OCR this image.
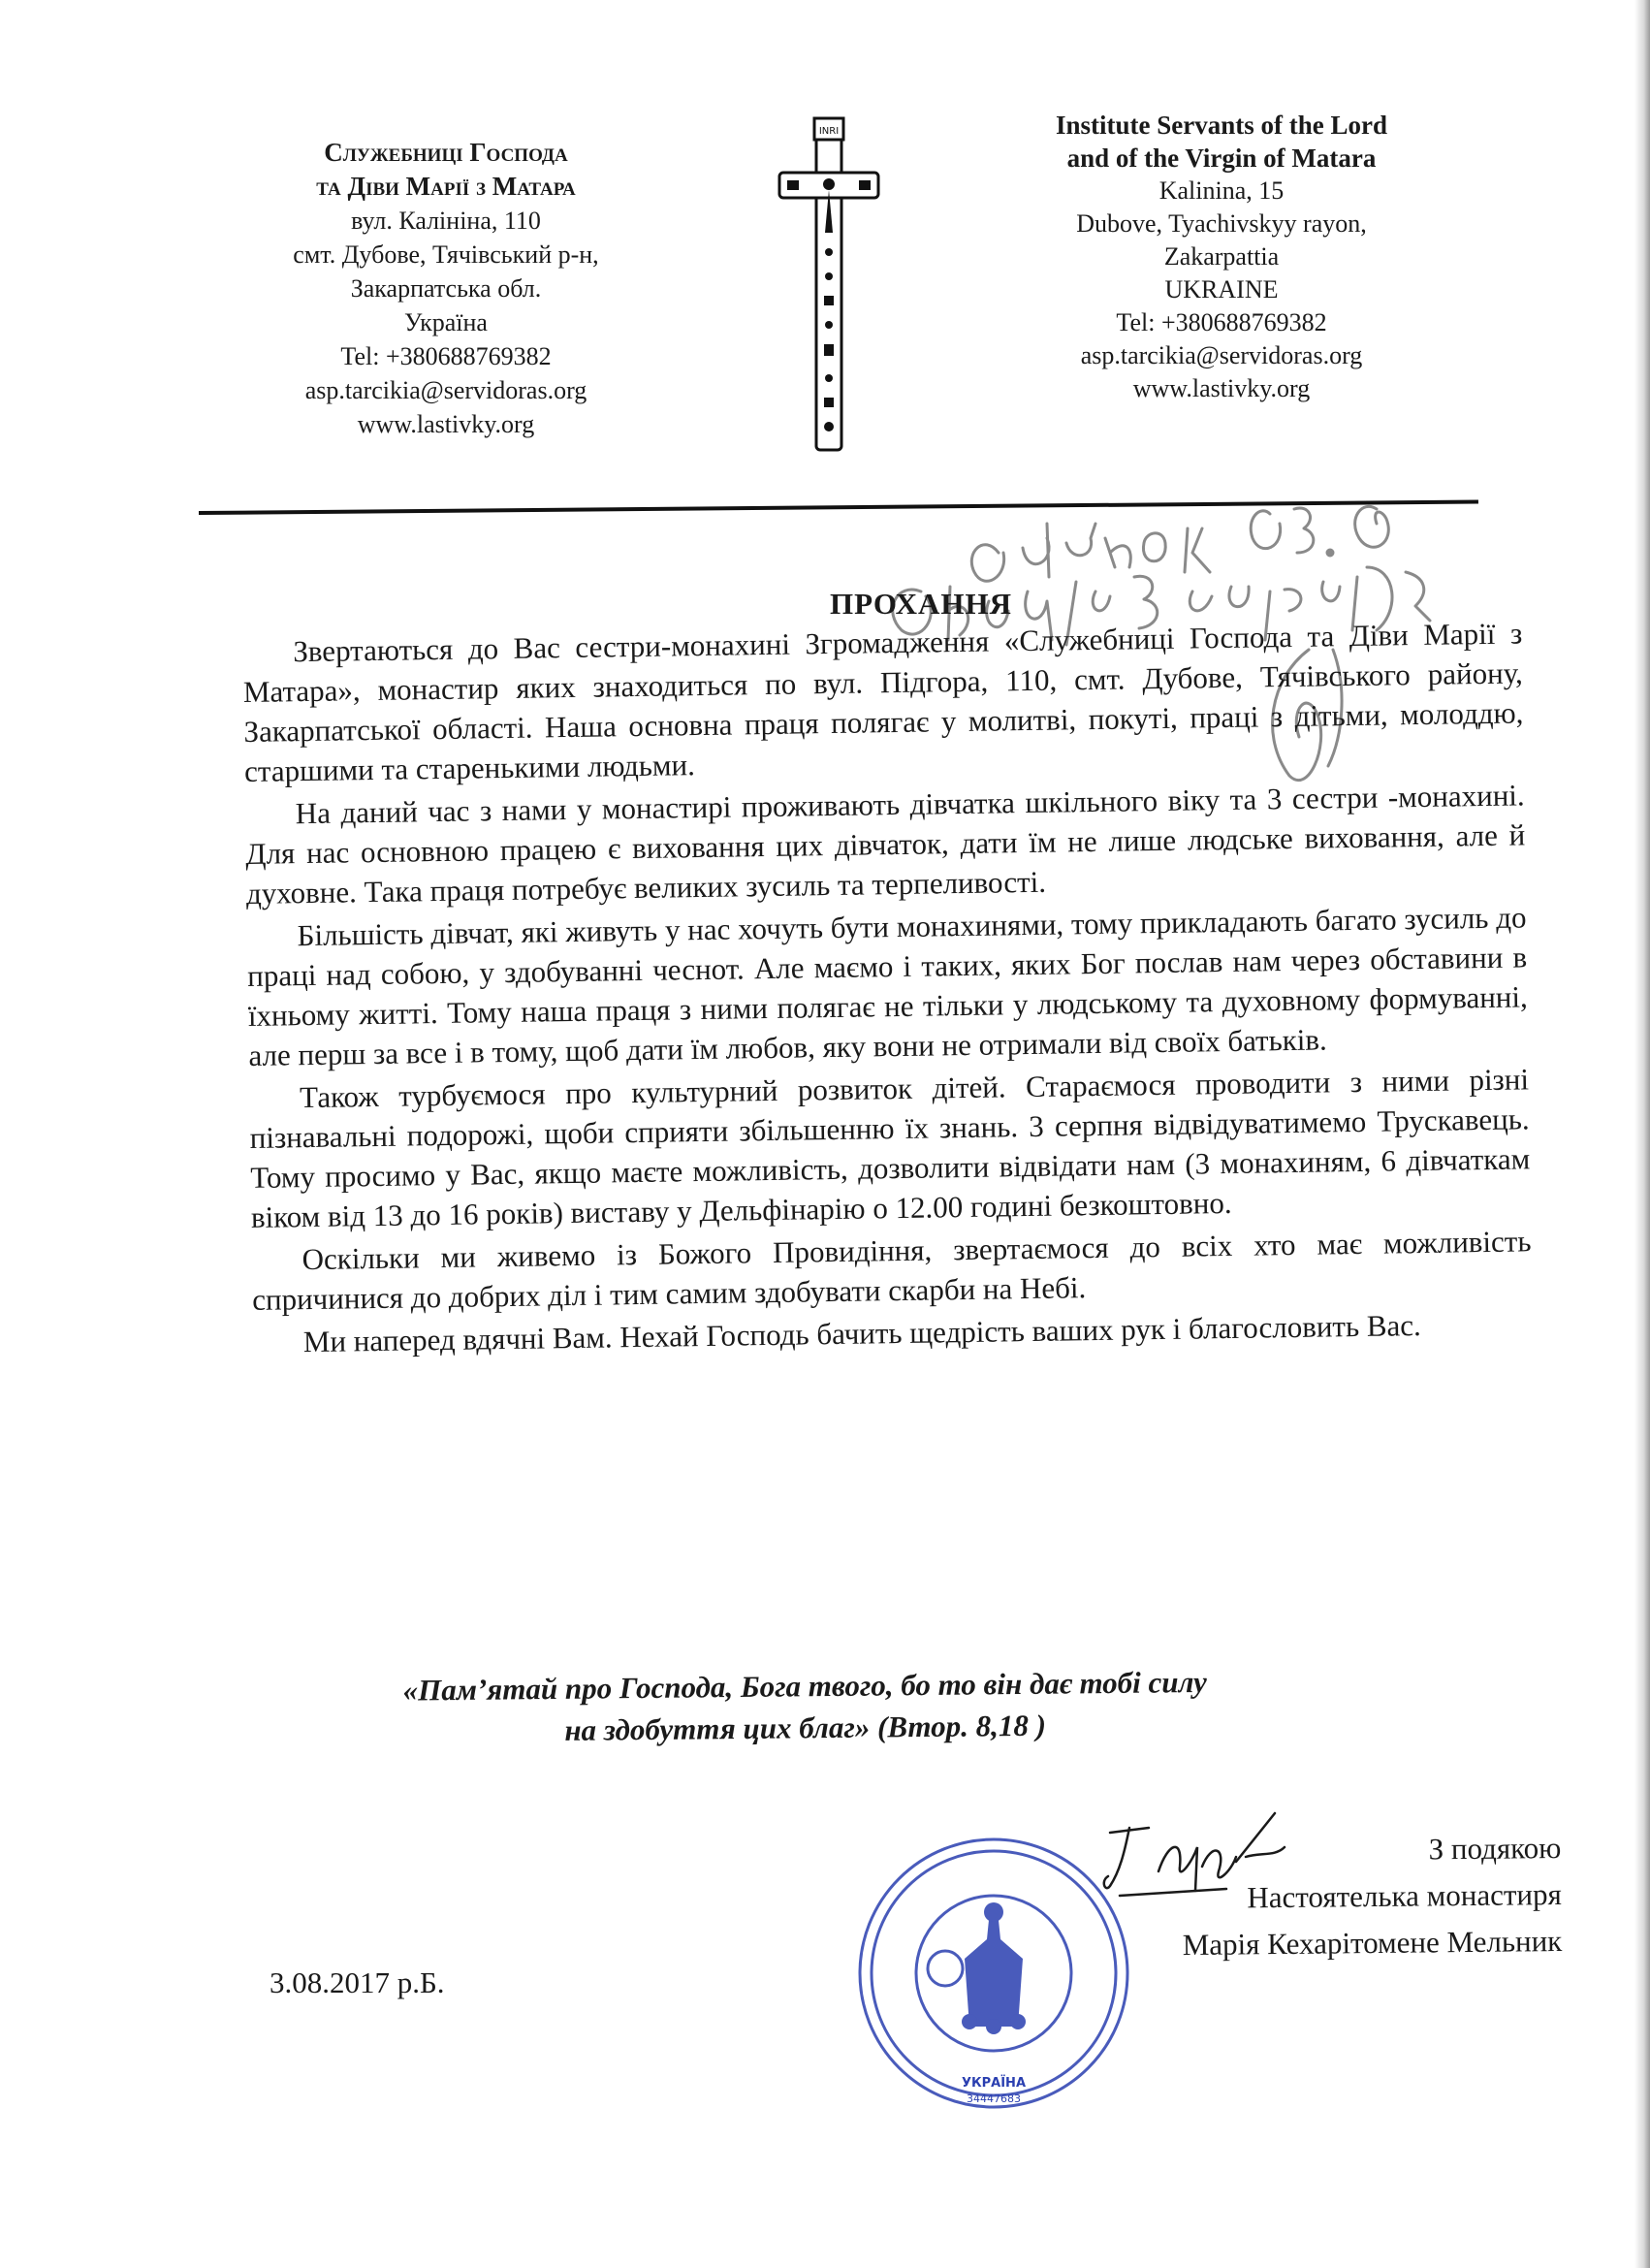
Служебниці Господа
та Діви Марії з Матара
вул. Калініна, 110
смт. Дубове, Тячівський р-н,
Закарпатська обл.
Україна
Tel: +380688769382
asp.tarcikia@servidoras.org
www.lastivky.org
INRI	Institute Servants of the Lord
and of the Virgin of Matara
Kalinina, 15
Dubove, Tyachivskyy rayon,
Zakarpattia
UKRAINE
Tel: +380688769382
asp.tarcikia@servidoras.org
www.lastivky.org
ПРОХАННЯ

Звертаються до Вас сестри-монахині Згромадження «Служебниці Господа та Діви Марії з Матара», монастир яких знаходиться по вул. Підгора, 110, смт. Дубове, Тячівського району, Закарпатської області. Наша основна праця полягає у молитві, покуті, праці з дітьми, молоддю, старшими та старенькими людьми.

На даний час з нами у монастирі проживають дівчатка шкільного віку та 3 сестри -монахині. Для нас основною працею є виховання цих дівчаток, дати їм не лише людське виховання, але й духовне. Така праця потребує великих зусиль та терпеливості.

Більшість дівчат, які живуть у нас хочуть бути монахинями, тому прикладають багато зусиль до праці над собою, у здобуванні чеснот. Але маємо і таких, яких Бог послав нам через обставини в їхньому житті. Тому наша праця з ними полягає не тільки у людському та духовному формуванні, але перш за все і в тому, щоб дати їм любов, яку вони не отримали від своїх батьків.

Також турбуємося про культурний розвиток дітей. Стараємося проводити з ними різні пізнавальні подорожі, щоби сприяти збільшенню їх знань. 3 серпня відвідуватимемо Трускавець. Тому просимо у Вас, якщо маєте можливість, дозволити відвідати нам (3 монахиням, 6 дівчаткам віком від 13 до 16 років) виставу у Дельфінарію о 12.00 годині безкоштовно.

Оскільки ми живемо із Божого Провидіння, звертаємося до всіх хто має можливість спричинися до добрих діл і тим самим здобувати скарби на Небі.

Ми наперед вдячні Вам. Нехай Господь бачить щедрість ваших рук і благословить Вас.

«Пам’ятай про Господа, Бога твого, бо то він дає тобі силу
на здобуття цих благ» (Втор. 8,18 )
З подякою
Настоятелька монастиря
Марія Кехарітомене Мельник
3.08.2017 р.Б.
УКРАЇНА
34447683
